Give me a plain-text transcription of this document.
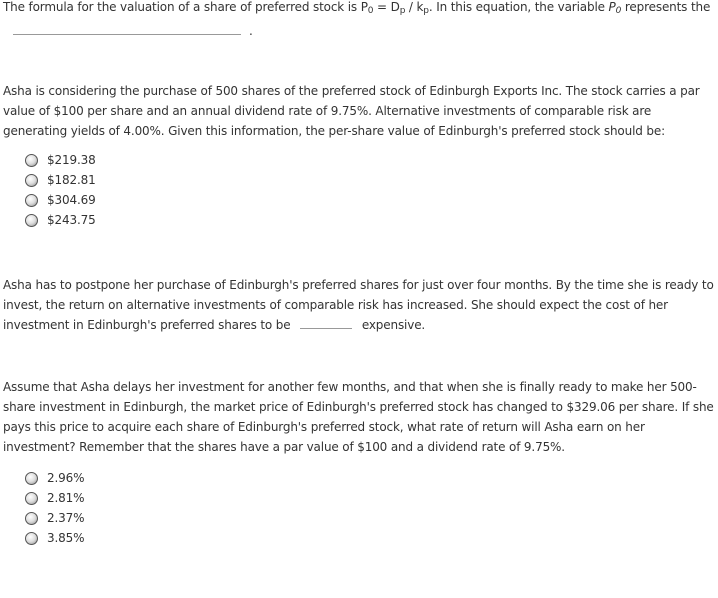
The formula for the valuation of a share of preferred stock is $P_0 = D_p / k_p$. In this equation, the variable $P_0$ represents the .
Asha is considering the purchase of 500 shares of the preferred stock of Edinburgh Exports Inc. The stock carries a par value of $100 per share and an annual dividend rate of 9.75%. Alternative investments of comparable risk are generating yields of 4.00%. Given this information, the per-share value of Edinburgh's preferred stock should be:
$219.38
$182.81
$304.69
$243.75
Asha has to postpone her purchase of Edinburgh's preferred shares for just over four months. By the time she is ready to invest, the return on alternative investments of comparable risk has increased. She should expect the cost of her investment in Edinburgh's preferred shares to be	expensive.
Assume that Asha delays her investment for another few months, and that when she is finally ready to make her 500-share investment in Edinburgh, the market price of Edinburgh's preferred stock has changed to $329.06 per share. If she pays this price to acquire each share of Edinburgh's preferred stock, what rate of return will Asha earn on her investment? Remember that the shares have a par value of $100 and a dividend rate of 9.75%.
2.96%
2.81%
2.37%
3.85%
